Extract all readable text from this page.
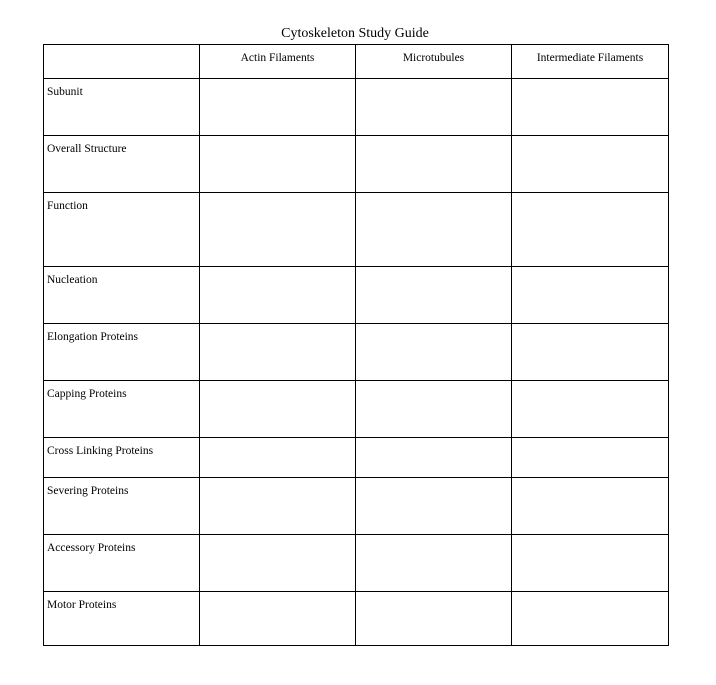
Cytoskeleton Study Guide
	Actin Filaments	Microtubules	Intermediate Filaments
Subunit			
Overall Structure			
Function			
Nucleation			
Elongation Proteins			
Capping Proteins			
Cross Linking Proteins			
Severing Proteins			
Accessory Proteins			
Motor Proteins			
